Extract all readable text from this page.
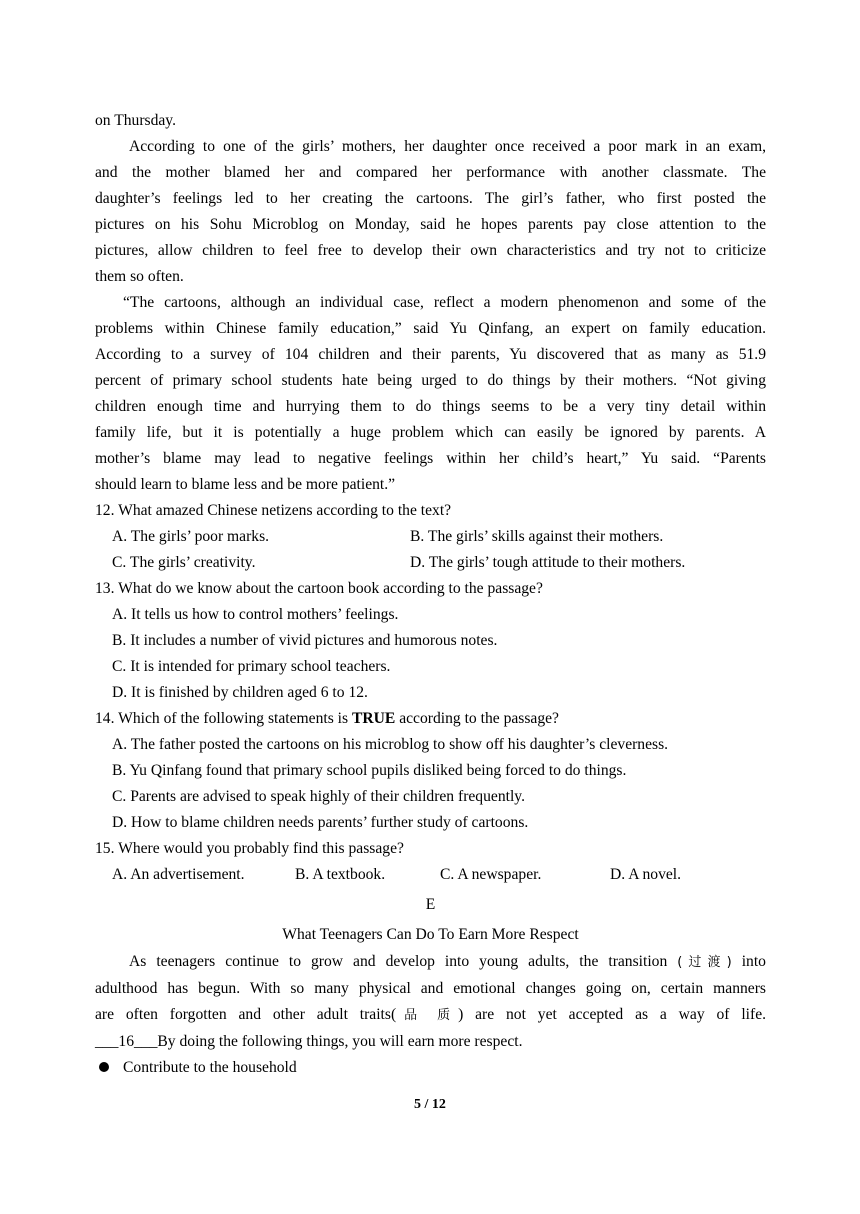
on Thursday.
According to one of the girls’ mothers, her daughter once received a poor mark in an exam,
and the mother blamed her and compared her performance with another classmate. The
daughter’s feelings led to her creating the cartoons. The girl’s father, who first posted the
pictures on his Sohu Microblog on Monday, said he hopes parents pay close attention to the
pictures, allow children to feel free to develop their own characteristics and try not to criticize
them so often.
“The cartoons, although an individual case, reflect a modern phenomenon and some of the
problems within Chinese family education,” said Yu Qinfang, an expert on family education.
According to a survey of 104 children and their parents, Yu discovered that as many as 51.9
percent of primary school students hate being urged to do things by their mothers. “Not giving
children enough time and hurrying them to do things seems to be a very tiny detail within
family life, but it is potentially a huge problem which can easily be ignored by parents. A
mother’s blame may lead to negative feelings within her child’s heart,” Yu said. “Parents
should learn to blame less and be more patient.”
12. What amazed Chinese netizens according to the text?
A. The girls’ poor marks.	B. The girls’ skills against their mothers.
C. The girls’ creativity.	D. The girls’ tough attitude to their mothers.
13. What do we know about the cartoon book according to the passage?
A. It tells us how to control mothers’ feelings.
B. It includes a number of vivid pictures and humorous notes.
C. It is intended for primary school teachers.
D. It is finished by children aged 6 to 12.
14. Which of the following statements is TRUE according to the passage?
A. The father posted the cartoons on his microblog to show off his daughter’s cleverness.
B. Yu Qinfang found that primary school pupils disliked being forced to do things.
C. Parents are advised to speak highly of their children frequently.
D. How to blame children needs parents’ further study of cartoons.
15. Where would you probably find this passage?
A. An advertisement.	B. A textbook.	C. A newspaper.	D. A novel.
E
What Teenagers Can Do To Earn More Respect
As teenagers continue to grow and develop into young adults, the transition (过渡) into
adulthood has begun. With so many physical and emotional changes going on, certain manners
are often forgotten and other adult traits(品 质) are not yet accepted as a way of life.
___16___By doing the following things, you will earn more respect.
Contribute to the household
5 / 12
